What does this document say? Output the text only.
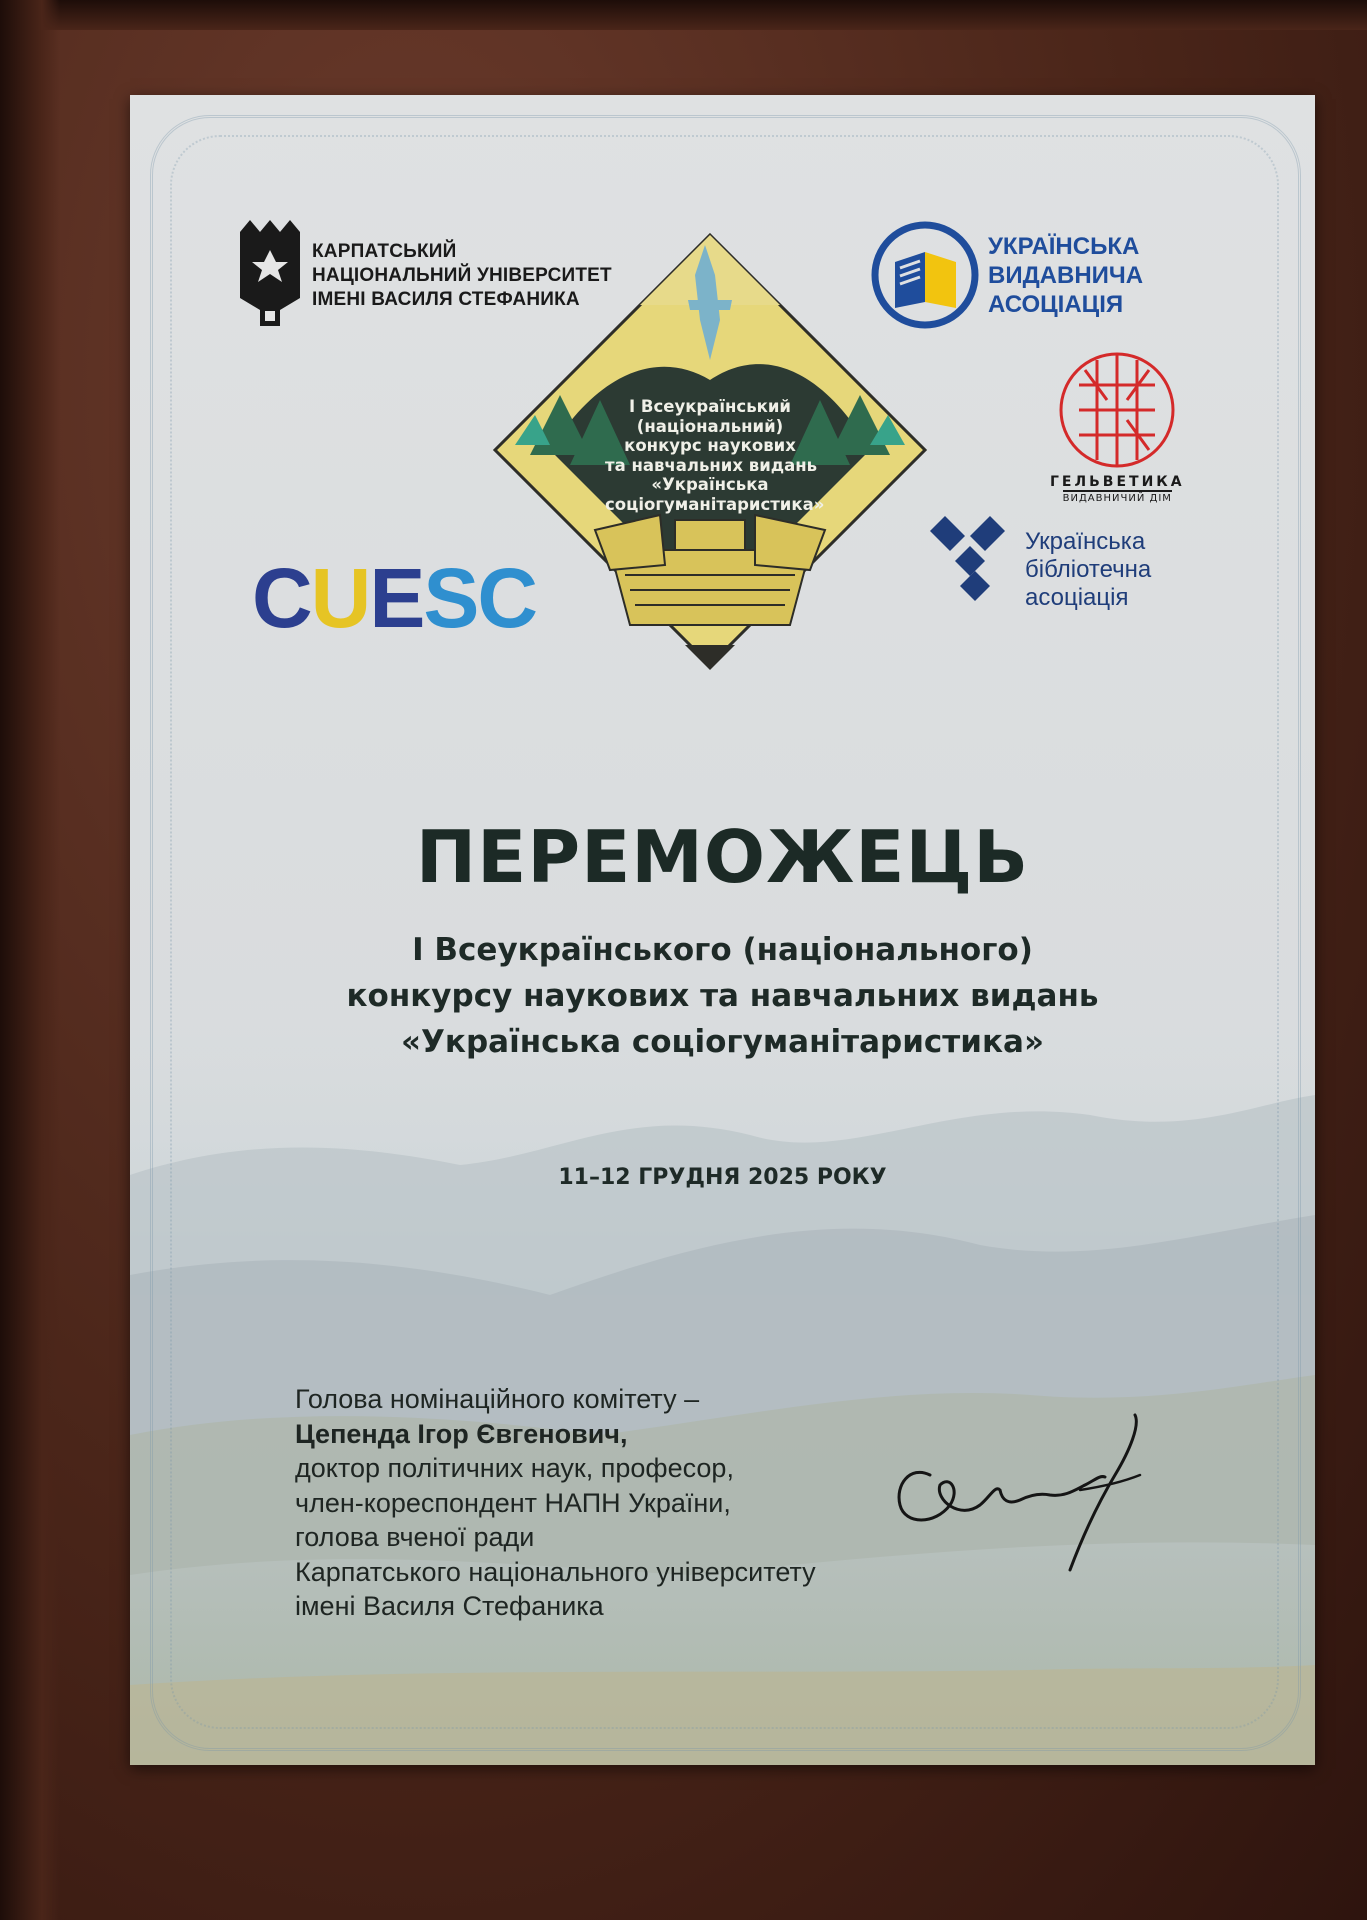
КАРПАТСЬКИЙ
НАЦІОНАЛЬНИЙ УНІВЕРСИТЕТ
ІМЕНІ ВАСИЛЯ СТЕФАНИКА
УКРАЇНСЬКА
ВИДАВНИЧА
АСОЦІАЦІЯ
ГЕЛЬВЕТИКА
ВИДАВНИЧИЙ ДІМ
Українська
бібліотечна
асоціація
CUESC
I Всеукраїнський
(національний)
конкурс наукових
та навчальних видань
«Українська
соціогуманітаристика»
ПЕРЕМОЖЕЦЬ
І Всеукраїнського (національного)
конкурсу наукових та навчальних видань
«Українська соціогуманітаристика»
11–12 ГРУДНЯ 2025 РОКУ
Голова номінаційного комітету –
Цепенда Ігор Євгенович,
доктор політичних наук, професор,
член-кореспондент НАПН України,
голова вченої ради
Карпатського національного університету
імені Василя Стефаника
